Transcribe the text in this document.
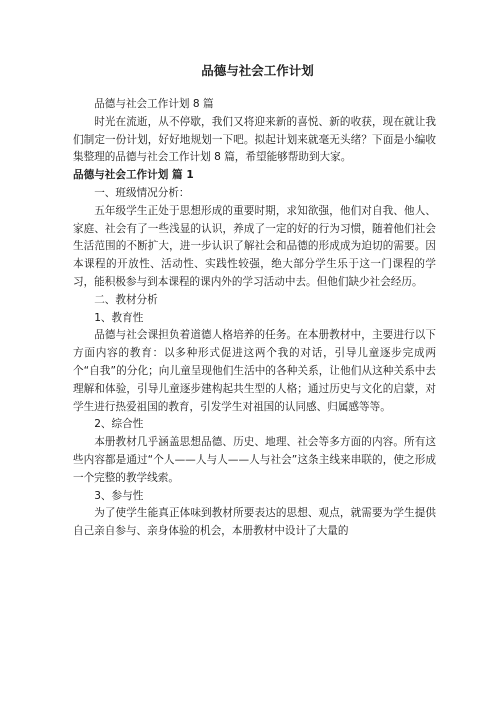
品德与社会工作计划

品德与社会工作计划 8 篇

时光在流逝，从不停歇，我们又将迎来新的喜悦、新的收获，现在就让我们制定一份计划，好好地规划一下吧。拟起计划来就毫无头绪？下面是小编收集整理的品德与社会工作计划 8 篇，希望能够帮助到大家。

品德与社会工作计划 篇 1

一、班级情况分析：

五年级学生正处于思想形成的重要时期，求知欲强，他们对自我、他人、家庭、社会有了一些浅显的认识，养成了一定的好的行为习惯，随着他们社会生活范围的不断扩大，进一步认识了解社会和品德的形成成为迫切的需要。因本课程的开放性、活动性、实践性较强，绝大部分学生乐于这一门课程的学习，能积极参与到本课程的课内外的学习活动中去。但他们缺少社会经历。

二、教材分析

1、教育性

品德与社会课担负着道德人格培养的任务。在本册教材中，主要进行以下方面内容的教育：以多种形式促进这两个我的对话，引导儿童逐步完成两个“自我”的分化；向儿童呈现他们生活中的各种关系，让他们从这种关系中去理解和体验，引导儿童逐步建构起共生型的人格；通过历史与文化的启蒙，对学生进行热爱祖国的教育，引发学生对祖国的认同感、归属感等等。

2、综合性

本册教材几乎涵盖思想品德、历史、地理、社会等多方面的内容。所有这些内容都是通过“个人——人与人——人与社会”这条主线来串联的，使之形成一个完整的教学线索。

3、参与性

为了使学生能真正体味到教材所要表达的思想、观点，就需要为学生提供自己亲自参与、亲身体验的机会，本册教材中设计了大量的
